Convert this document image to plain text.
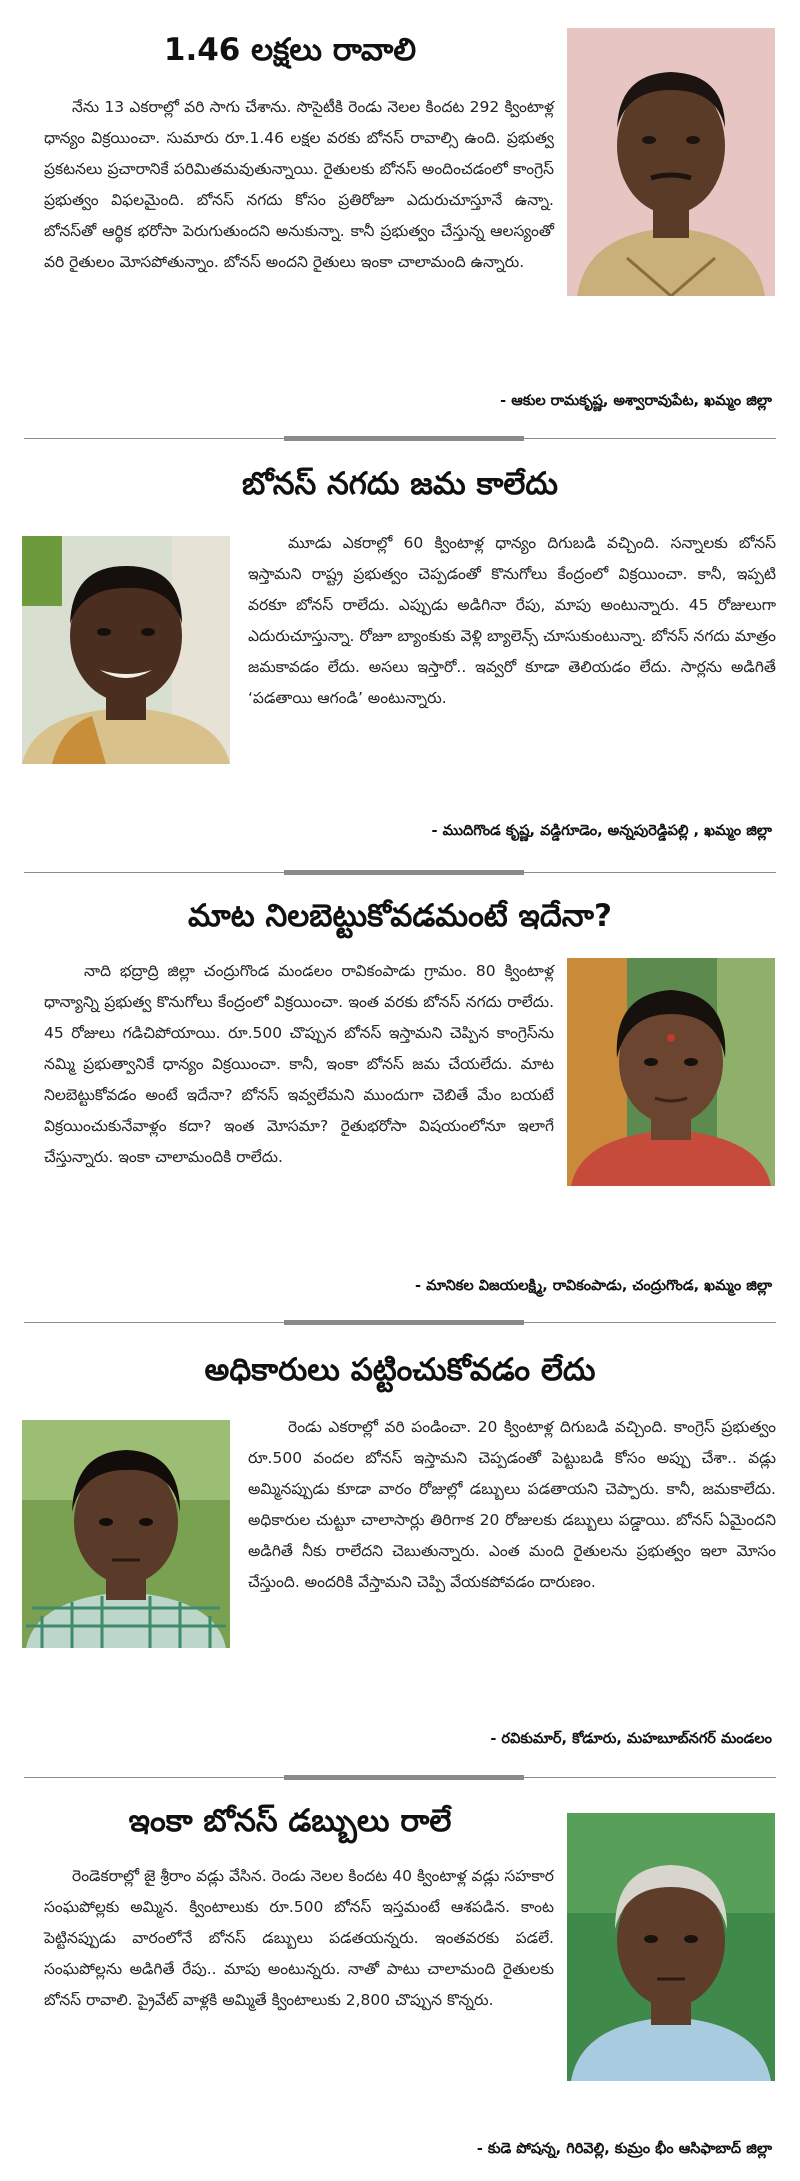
1.46 లక్షలు రావాలి

నేను 13 ఎకరాల్లో వరి సాగు చేశాను. సొసైటీకి రెండు నెలల కిందట 292 క్వింటాళ్ల ధాన్యం విక్రయించా. సుమారు రూ.1.46 లక్షల వరకు బోనస్ రావాల్సి ఉంది. ప్రభుత్వ ప్రకటనలు ప్రచారానికే పరిమితమవుతున్నాయి. రైతులకు బోనస్ అందించడంలో కాంగ్రెస్ ప్రభుత్వం విఫలమైంది. బోనస్ నగదు కోసం ప్రతిరోజూ ఎదురుచూస్తూనే ఉన్నా. బోనస్‌తో ఆర్థిక భరోసా పెరుగుతుందని అనుకున్నా. కానీ ప్రభుత్వం చేస్తున్న ఆలస్యంతో వరి రైతులం మోసపోతున్నాం. బోనస్ అందని రైతులు ఇంకా చాలామంది ఉన్నారు.

- ఆకుల రామకృష్ణ, అశ్వారావుపేట, ఖమ్మం జిల్లా
బోనస్ నగదు జమ కాలేదు

మూడు ఎకరాల్లో 60 క్వింటాళ్ల ధాన్యం దిగుబడి వచ్చింది. సన్నాలకు బోనస్ ఇస్తామని రాష్ట్ర ప్రభుత్వం చెప్పడంతో కొనుగోలు కేంద్రంలో విక్రయించా. కానీ, ఇప్పటి వరకూ బోనస్ రాలేదు. ఎప్పుడు అడిగినా రేపు, మాపు అంటున్నారు. 45 రోజులుగా ఎదురుచూస్తున్నా. రోజూ బ్యాంకుకు వెళ్లి బ్యాలెన్స్ చూసుకుంటున్నా. బోనస్ నగదు మాత్రం జమకావడం లేదు. అసలు ఇస్తారో.. ఇవ్వరో కూడా తెలియడం లేదు. సార్లను అడిగితే ‘పడతాయి ఆగండి’ అంటున్నారు.

- ముదిగొండ కృష్ణ, వడ్డిగూడెం, అన్నపురెడ్డిపల్లి , ఖమ్మం జిల్లా
మాట నిలబెట్టుకోవడమంటే ఇదేనా?

నాది భద్రాద్రి జిల్లా చంద్రుగొండ మండలం రావికంపాడు గ్రామం. 80 క్వింటాళ్ల ధాన్యాన్ని ప్రభుత్వ కొనుగోలు కేంద్రంలో విక్రయించా. ఇంత వరకు బోనస్ నగదు రాలేదు. 45 రోజులు గడిచిపోయాయి. రూ.500 చొప్పున బోనస్ ఇస్తామని చెప్పిన కాంగ్రెస్‌ను నమ్మి ప్రభుత్వానికే ధాన్యం విక్రయించా. కానీ, ఇంకా బోనస్ జమ చేయలేదు. మాట నిలబెట్టుకోవడం అంటే ఇదేనా? బోనస్ ఇవ్వలేమని ముందుగా చెబితే మేం బయటే విక్రయించుకునేవాళ్లం కదా? ఇంత మోసమా? రైతుభరోసా విషయంలోనూ ఇలాగే చేస్తున్నారు. ఇంకా చాలామందికి రాలేదు.

- మానికల విజయలక్ష్మి, రావికంపాడు, చంద్రుగొండ, ఖమ్మం జిల్లా
అధికారులు పట్టించుకోవడం లేదు

రెండు ఎకరాల్లో వరి పండించా. 20 క్వింటాళ్ల దిగుబడి వచ్చింది. కాంగ్రెస్ ప్రభుత్వం రూ.500 వందల బోనస్ ఇస్తామని చెప్పడంతో పెట్టుబడి కోసం అప్పు చేశా.. వడ్లు అమ్మినప్పుడు కూడా వారం రోజుల్లో డబ్బులు పడతాయని చెప్పారు. కానీ, జమకాలేదు. అధికారుల చుట్టూ చాలాసార్లు తిరిగాక 20 రోజులకు డబ్బులు పడ్డాయి. బోనస్ ఏమైందని అడిగితే నీకు రాలేదని చెబుతున్నారు. ఎంత మంది రైతులను ప్రభుత్వం ఇలా మోసం చేస్తుంది. అందరికి వేస్తామని చెప్పి వేయకపోవడం దారుణం.

- రవికుమార్, కోడూరు, మహబూబ్‌నగర్ మండలం
ఇంకా బోనస్ డబ్బులు రాలే

రెండెకరాల్లో జై శ్రీరాం వడ్లు వేసిన. రెండు నెలల కిందట 40 క్వింటాళ్ల వడ్లు సహకార సంఘపోల్లకు అమ్మిన. క్వింటాలుకు రూ.500 బోనస్ ఇస్తమంటే ఆశపడిన. కాంట పెట్టినప్పుడు వారంలోనే బోనస్ డబ్బులు పడతయన్నరు. ఇంతవరకు పడలే. సంఘపోల్లను అడిగితే రేపు.. మాపు అంటున్నరు. నాతో పాటు చాలామంది రైతులకు బోనస్ రావాలి. ప్రైవేట్ వాళ్లకి అమ్మితే క్వింటాలుకు 2,800 చొప్పున కొన్నరు.

- కుడె పోషన్న, గిరివెల్లి, కుమ్రం భీం ఆసిఫాబాద్ జిల్లా
